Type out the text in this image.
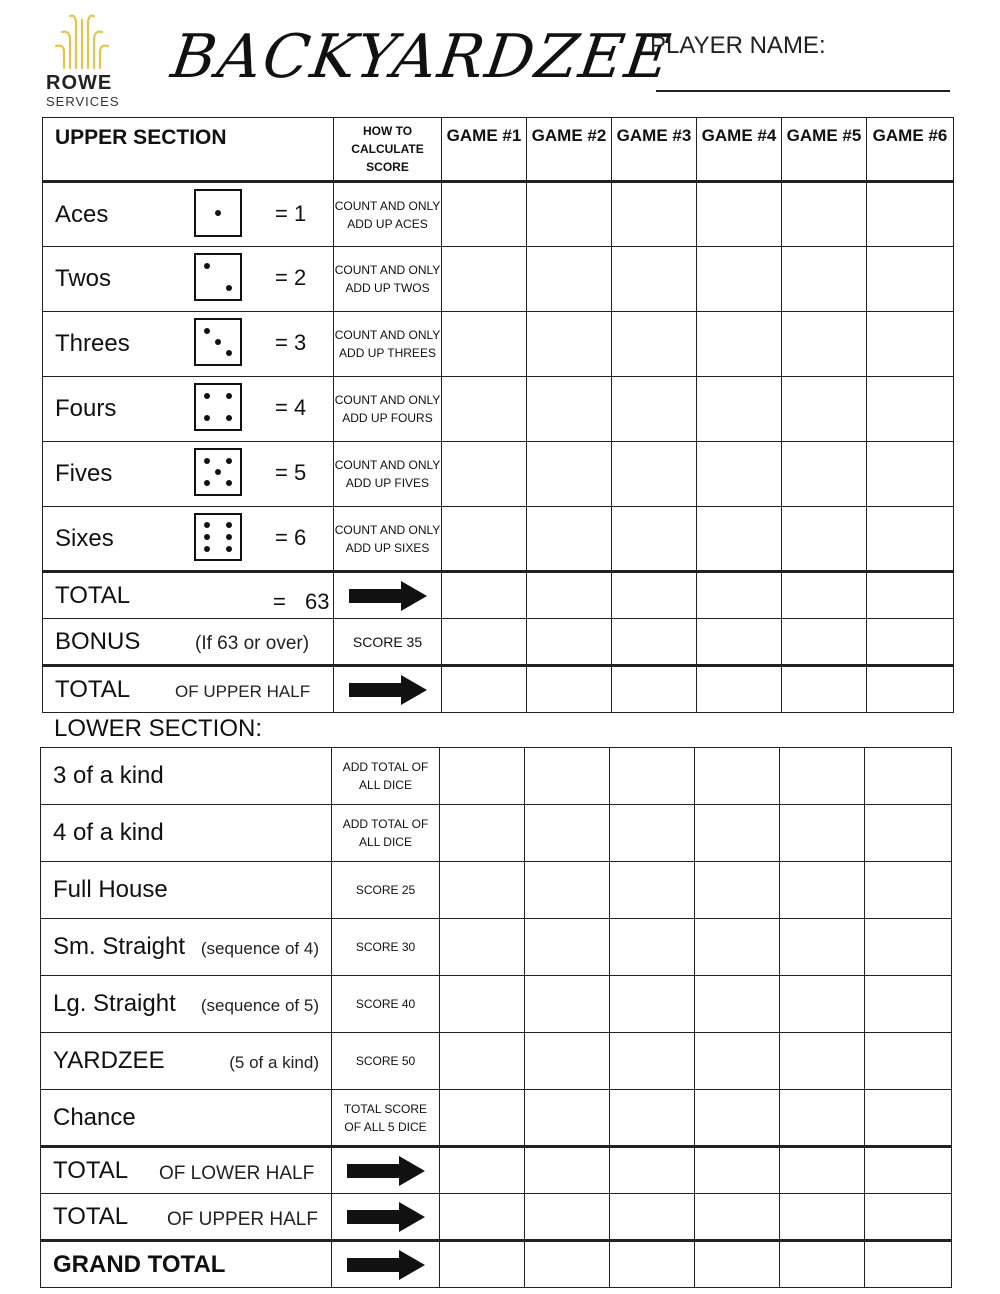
ROWE
SERVICES
BACKYARDZEE
PLAYER NAME:
UPPER SECTION	HOW TO CALCULATE SCORE	GAME #1	GAME #2	GAME #3	GAME #4	GAME #5	GAME #6

Aces = 1	COUNT AND ONLY ADD UP ACES						

Twos = 2	COUNT AND ONLY ADD UP TWOS						

Threes = 3	COUNT AND ONLY ADD UP THREES						

Fours = 4	COUNT AND ONLY ADD UP FOURS						

Fives = 5	COUNT AND ONLY ADD UP FIVES						

Sixes = 6	COUNT AND ONLY ADD UP SIXES						

TOTAL = 63

BONUS (If 63 or over)	SCORE 35						

TOTAL OF UPPER HALF

LOWER SECTION:
3 of a kind	ADD TOTAL OF ALL DICE						

4 of a kind	ADD TOTAL OF ALL DICE						

Full House	SCORE 25						

Sm. Straight (sequence of 4)	SCORE 30						

Lg. Straight (sequence of 5)	SCORE 40						

YARDZEE (5 of a kind)	SCORE 50						

Chance	TOTAL SCORE OF ALL 5 DICE						

TOTAL OF LOWER HALF

TOTAL OF UPPER HALF

GRAND TOTAL
